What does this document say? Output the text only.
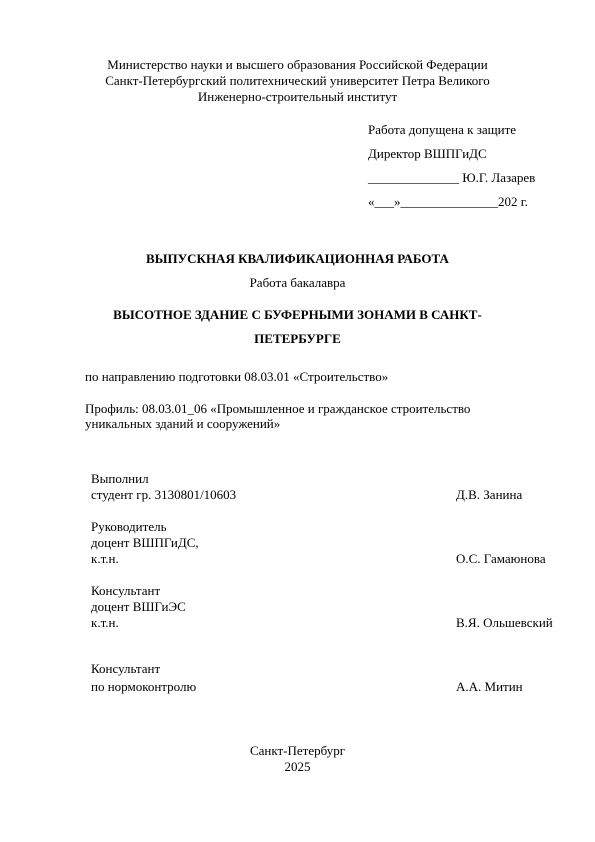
Министерство науки и высшего образования Российской Федерации
Санкт-Петербургский политехнический университет Петра Великого
Инженерно-строительный институт
Работа допущена к защите
Директор ВШПГиДС
______________ Ю.Г. Лазарев
«___»_______________202 г.
ВЫПУСКНАЯ КВАЛИФИКАЦИОННАЯ РАБОТА
Работа бакалавра
ВЫСОТНОЕ ЗДАНИЕ С БУФЕРНЫМИ ЗОНАМИ В САНКТ-
ПЕТЕРБУРГЕ
по направлению подготовки 08.03.01 «Строительство»
Профиль: 08.03.01_06 «Промышленное и гражданское строительство
уникальных зданий и сооружений»
Выполнил
студент гр. 3130801/10603	Д.В. Занина
Руководитель
доцент ВШПГиДС,
к.т.н.	О.С. Гамаюнова
Консультант
доцент ВШГиЭС
к.т.н.	В.Я. Ольшевский
Консультант
по нормоконтролю	А.А. Митин
Санкт-Петербург
2025
